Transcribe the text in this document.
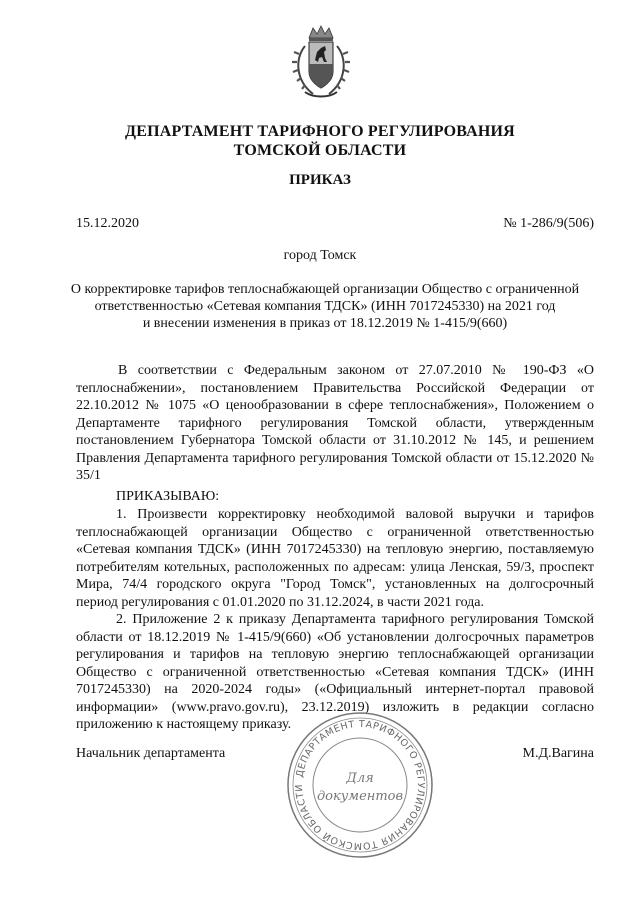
ДЕПАРТАМЕНТ ТАРИФНОГО РЕГУЛИРОВАНИЯ
ТОМСКОЙ ОБЛАСТИ
ПРИКАЗ
15.12.2020	№ 1-286/9(506)
город Томск
О корректировке тарифов теплоснабжающей организации Общество с ограниченной
ответственностью «Сетевая компания ТДСК» (ИНН 7017245330) на 2021 год
и внесении изменения в приказ от 18.12.2019 № 1-415/9(660)
В соответствии с Федеральным законом от 27.07.2010 № 190-ФЗ «О
теплоснабжении», постановлением Правительства Российской Федерации от
22.10.2012 № 1075 «О ценообразовании в сфере теплоснабжения», Положением о
Департаменте тарифного регулирования Томской области, утвержденным
постановлением Губернатора Томской области от 31.10.2012 № 145, и решением
Правления Департамента тарифного регулирования Томской области от 15.12.2020 №
35/1
ПРИКАЗЫВАЮ:
1. Произвести корректировку необходимой валовой выручки и тарифов
теплоснабжающей организации Общество с ограниченной ответственностью
«Сетевая компания ТДСК» (ИНН 7017245330) на тепловую энергию, поставляемую
потребителям котельных, расположенных по адресам: улица Ленская, 59/3, проспект
Мира, 74/4 городского округа "Город Томск", установленных на долгосрочный
период регулирования с 01.01.2020 по 31.12.2024, в части 2021 года.
2. Приложение 2 к приказу Департамента тарифного регулирования Томской
области от 18.12.2019 № 1-415/9(660) «Об установлении долгосрочных параметров
регулирования и тарифов на тепловую энергию теплоснабжающей организации
Общество с ограниченной ответственностью «Сетевая компания ТДСК» (ИНН
7017245330) на 2020-2024 годы» («Официальный интернет-портал правовой
информации» (www.pravo.gov.ru), 23.12.2019) изложить в редакции согласно
приложению к настоящему приказу.
Начальник департамента	М.Д.Вагина
ДЕПАРТАМЕНТ ТАРИФНОГО РЕГУЛИРОВАНИЯ ТОМСКОЙ ОБЛАСТИ
Для
документов
